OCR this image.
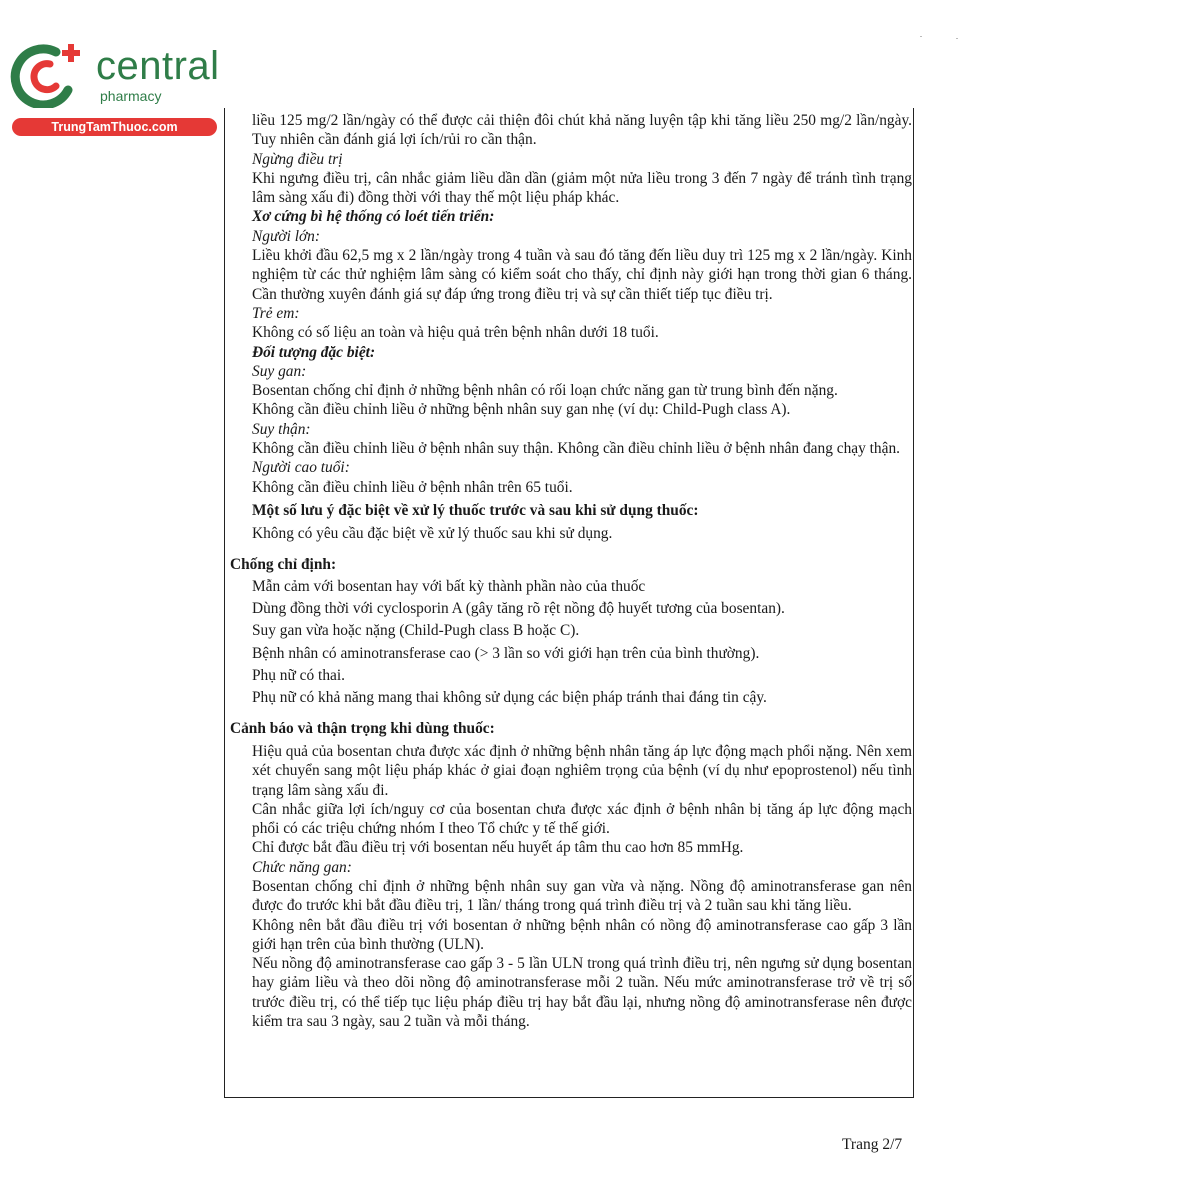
central
pharmacy
TrungTamThuoc.com	liều 125 mg/2 lần/ngày có thể được cải thiện đôi chút khả năng luyện tập khi tăng liều 250 mg/2 lần/ngày. Tuy nhiên cần đánh giá lợi ích/rủi ro cần thận.

Ngừng điều trị

Khi ngưng điều trị, cân nhắc giảm liều dần dần (giảm một nửa liều trong 3 đến 7 ngày để tránh tình trạng lâm sàng xấu đi) đồng thời với thay thế một liệu pháp khác.

Xơ cứng bì hệ thống có loét tiến triển:

Người lớn:

Liều khởi đầu 62,5 mg x 2 lần/ngày trong 4 tuần và sau đó tăng đến liều duy trì 125 mg x 2 lần/ngày. Kinh nghiệm từ các thử nghiệm lâm sàng có kiểm soát cho thấy, chỉ định này giới hạn trong thời gian 6 tháng. Cần thường xuyên đánh giá sự đáp ứng trong điều trị và sự cần thiết tiếp tục điều trị.

Trẻ em:

Không có số liệu an toàn và hiệu quả trên bệnh nhân dưới 18 tuổi.

Đối tượng đặc biệt:

Suy gan:

Bosentan chống chỉ định ở những bệnh nhân có rối loạn chức năng gan từ trung bình đến nặng.

Không cần điều chỉnh liều ở những bệnh nhân suy gan nhẹ (ví dụ: Child-Pugh class A).

Suy thận:

Không cần điều chỉnh liều ở bệnh nhân suy thận. Không cần điều chỉnh liều ở bệnh nhân đang chạy thận.

Người cao tuổi:

Không cần điều chỉnh liều ở bệnh nhân trên 65 tuổi.

Một số lưu ý đặc biệt về xử lý thuốc trước và sau khi sử dụng thuốc:

Không có yêu cầu đặc biệt về xử lý thuốc sau khi sử dụng.

Chống chỉ định:

Mẫn cảm với bosentan hay với bất kỳ thành phần nào của thuốc

Dùng đồng thời với cyclosporin A (gây tăng rõ rệt nồng độ huyết tương của bosentan).

Suy gan vừa hoặc nặng (Child-Pugh class B hoặc C).

Bệnh nhân có aminotransferase cao (> 3 lần so với giới hạn trên của bình thường).

Phụ nữ có thai.

Phụ nữ có khả năng mang thai không sử dụng các biện pháp tránh thai đáng tin cậy.

Cảnh báo và thận trọng khi dùng thuốc:

Hiệu quả của bosentan chưa được xác định ở những bệnh nhân tăng áp lực động mạch phổi nặng. Nên xem xét chuyển sang một liệu pháp khác ở giai đoạn nghiêm trọng của bệnh (ví dụ như epoprostenol) nếu tình trạng lâm sàng xấu đi.

Cân nhắc giữa lợi ích/nguy cơ của bosentan chưa được xác định ở bệnh nhân bị tăng áp lực động mạch phổi có các triệu chứng nhóm I theo Tổ chức y tế thế giới.

Chỉ được bắt đầu điều trị với bosentan nếu huyết áp tâm thu cao hơn 85 mmHg.

Chức năng gan:

Bosentan chống chỉ định ở những bệnh nhân suy gan vừa và nặng. Nồng độ aminotransferase gan nên được đo trước khi bắt đầu điều trị, 1 lần/ tháng trong quá trình điều trị và 2 tuần sau khi tăng liều.

Không nên bắt đầu điều trị với bosentan ở những bệnh nhân có nồng độ aminotransferase cao gấp 3 lần giới hạn trên của bình thường (ULN).

Nếu nồng độ aminotransferase cao gấp 3 - 5 lần ULN trong quá trình điều trị, nên ngưng sử dụng bosentan hay giảm liều và theo dõi nồng độ aminotransferase mỗi 2 tuần. Nếu mức aminotransferase trở về trị số trước điều trị, có thể tiếp tục liệu pháp điều trị hay bắt đầu lại, nhưng nồng độ aminotransferase nên được kiểm tra sau 3 ngày, sau 2 tuần và mỗi tháng.

Trang 2/7
